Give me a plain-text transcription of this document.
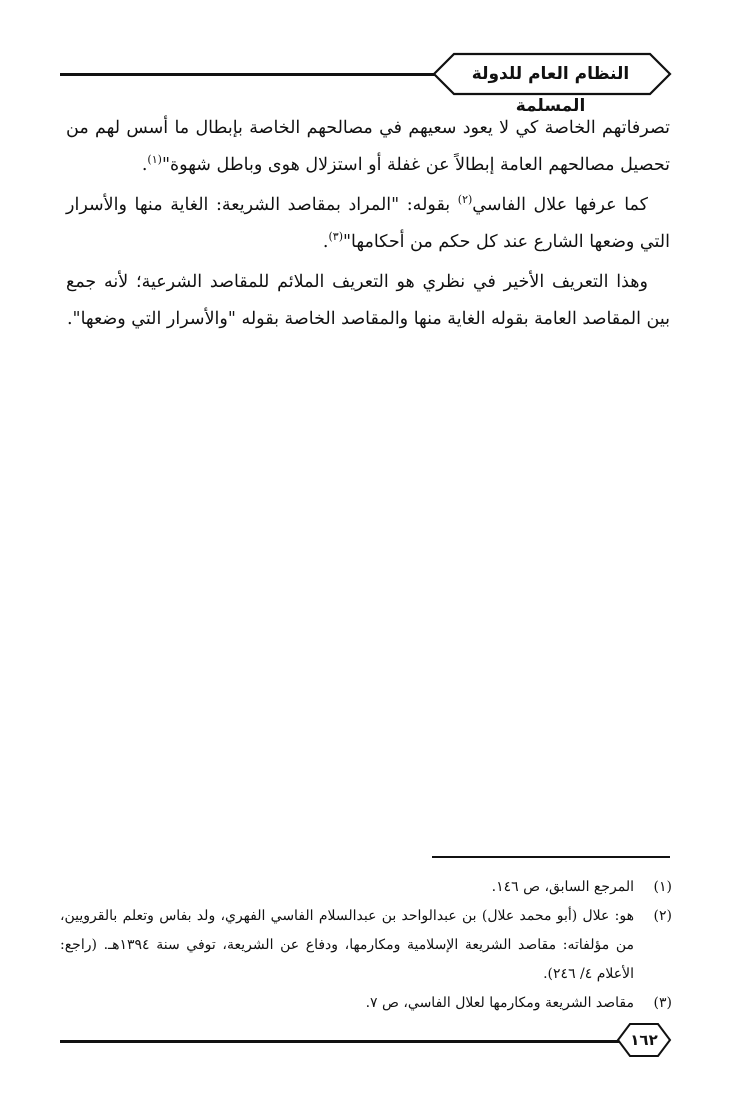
النظام العام للدولة المسلمة

تصرفاتهم الخاصة كي لا يعود سعيهم في مصالحهم الخاصة بإبطال ما أسس لهم من تحصيل مصالحهم العامة إبطالاً عن غفلة أو استزلال هوى وباطل شهوة"$^{(١)}$.

كما عرفها علال الفاسي$^{(٢)}$ بقوله: "المراد بمقاصد الشريعة: الغاية منها والأسرار التي وضعها الشارع عند كل حكم من أحكامها"$^{(٣)}$.

وهذا التعريف الأخير في نظري هو التعريف الملائم للمقاصد الشرعية؛ لأنه جمع بين المقاصد العامة بقوله الغاية منها والمقاصد الخاصة بقوله "والأسرار التي وضعها".

(١)
المرجع السابق، ص ١٤٦.
(٢)
هو: علال (أبو محمد علال) بن عبدالواحد بن عبدالسلام الفاسي الفهري، ولد بفاس وتعلم بالقرويين، من مؤلفاته: مقاصد الشريعة الإسلامية ومكارمها، ودفاع عن الشريعة، توفي سنة ١٣٩٤هـ. (راجع: الأعلام ٤/ ٢٤٦).
(٣)
مقاصد الشريعة ومكارمها لعلال الفاسي، ص ٧.
١٦٢
